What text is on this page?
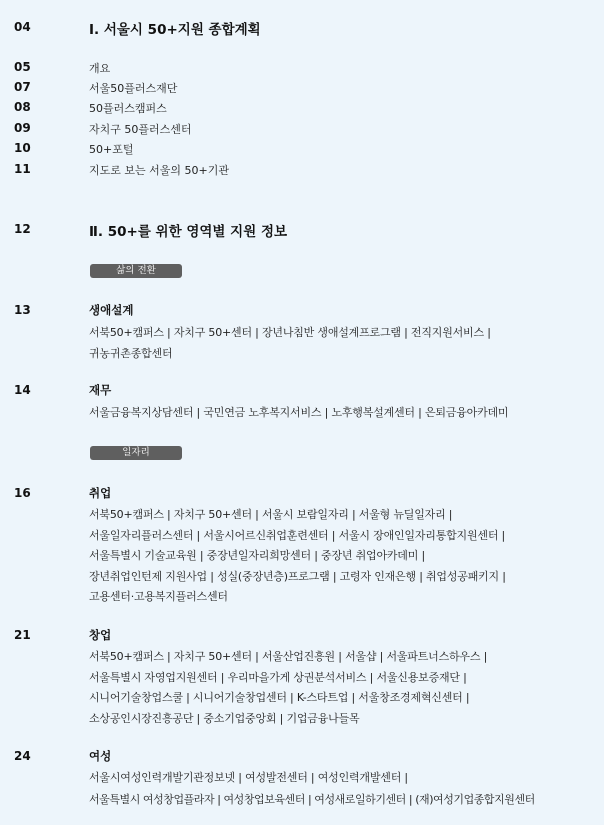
04	Ⅰ. 서울시 50+지원 종합계획
05	개요
07	서울50플러스재단
08	50플러스캠퍼스
09	자치구 50플러스센터
10	50+포털
11	지도로 보는 서울의 50+기관
12	Ⅱ. 50+를 위한 영역별 지원 정보
삶의 전환
13	생애설계
서북50+캠퍼스 | 자치구 50+센터 | 장년나침반 생애설계프로그램 | 전직지원서비스 |
귀농귀촌종합센터
14	재무
서울금융복지상담센터 | 국민연금 노후복지서비스 | 노후행복설계센터 | 은퇴금융아카데미
일자리
16	취업
서북50+캠퍼스 | 자치구 50+센터 | 서울시 보람일자리 | 서울형 뉴딜일자리 |
서울일자리플러스센터 | 서울시어르신취업훈련센터 | 서울시 장애인일자리통합지원센터 |
서울특별시 기술교육원 | 중장년일자리희망센터 | 중장년 취업아카데미 |
장년취업인턴제 지원사업 | 성실(중장년층)프로그램 | 고령자 인재은행 | 취업성공패키지 |
고용센터·고용복지플러스센터
21	창업
서북50+캠퍼스 | 자치구 50+센터 | 서울산업진흥원 | 서울샵 | 서울파트너스하우스 |
서울특별시 자영업지원센터 | 우리마을가게 상권분석서비스 | 서울신용보증재단 |
시니어기술창업스쿨 | 시니어기술창업센터 | K-스타트업 | 서울창조경제혁신센터 |
소상공인시장진흥공단 | 중소기업중앙회 | 기업금융나들목
24	여성
서울시여성인력개발기관정보넷 | 여성발전센터 | 여성인력개발센터 |
서울특별시 여성창업플라자 | 여성창업보육센터 | 여성새로일하기센터 | (재)여성기업종합지원센터
